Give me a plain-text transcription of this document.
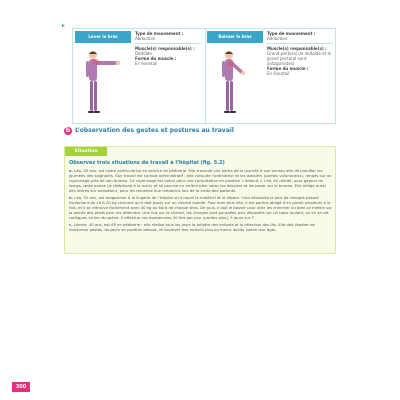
▸
Lever le bras
Type de mouvement :
Abduction
Muscle(s) responsable(s) :
Deltoïde
Forme du muscle :
En éventail
Baisser le bras
Type de mouvement :
Adduction
Muscle(s) responsable(s) :
Grand pectoral (le deltoïde et le grand pectoral sont antagonistes)
Forme du muscle :
En éventail
b L’observation des gestes et postures au travail
Situation
Observez trois situations de travail à l’hôpital (fig. 5.2)

a. Léa, 55 ans, est cadre puéricultrice en service de pédiatrie. Elle travaille une partie de la journée à son bureau afin de planifier les journées des soignants. Son travail est surtout administratif : elle consulte l’ordinateur et les dossiers (parfois volumineux), rangés sur un rayonnage près de son bureau. Ce rayonnage est prévu pour une consultation en position « debout ». Léa, en réalité, pour gagner du temps, reste assise (le téléphone à la main) et se penche en arrière pour saisir les dossiers et les poser sur le bureau. Elle rédige aussi des lettres sur ordinateur, pour les remettre aux médecins lors de la visite des patients.

b. Léo, 52 ans, est magasinier à la lingerie de l’hôpital où il reçoit le matériel et le répare. Cela nécessite le port de charges pesant facilement de 10 à 20 kg chacune qu’il doit poser sur un chariot mobile. Pour aller plus vite, il est parfois obligé d’en porter plusieurs à la fois, et il se retrouve facilement avec 40 kg au bout de chaque bras. De plus, il doit le basser pour aller les chercher ou bien se mettre sur la pointe des pieds pour les atteindre. Une fois sur le chariot, les charges sont poussées puis déposées sur un tapis roulant, ou en se cot collègues va les récupérer. Il effectue ces manœuvres 20 fois par jour (parfois plus), 5 jours sur 7.

c. Léonie, 40 ans, est AP en pédiatrie : elle réalise tous les jours la toilette des enfants et la réfection des lits. Elle doit répéter de nombreux gestes, toujours en position debout, et soulever des enfants plus ou moins lourds (selon leur âge).

300
